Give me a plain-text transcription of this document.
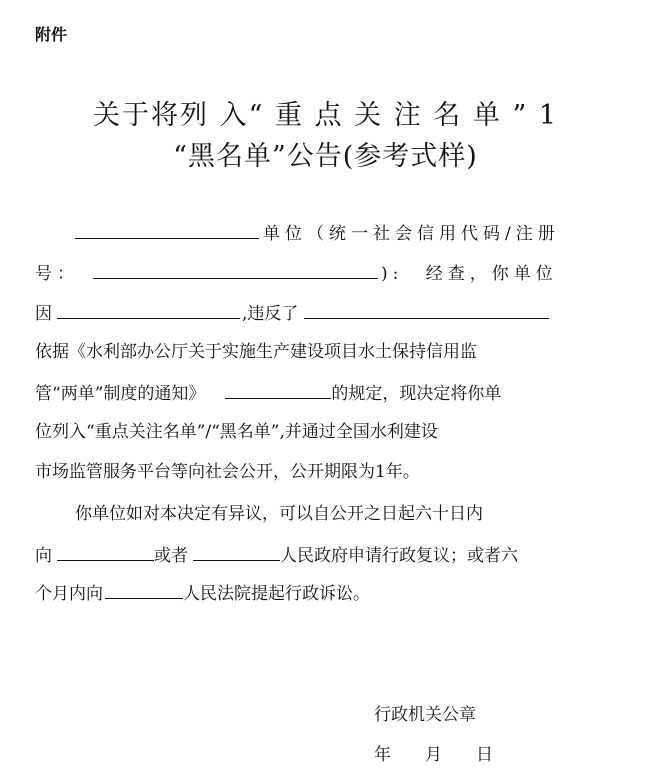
附件
关于将列 入“ 重 点 关 注 名 单 ” 1
“黑名单”公告(参考式样)
单位（统一社会信用代码/注册
号：	): 经查，你单位
因	,违反了
依据《水利部办公厅关于实施生产建设项目水土保持信用监
管“两单”制度的通知》	的规定，现决定将你单
位列入“重点关注名单”/“黑名单”,并通过全国水利建设
市场监管服务平台等向社会公开，公开期限为1年。
你单位如对本决定有异议，可以自公开之日起六十日内
向	或者	人民政府申请行政复议；或者六
个月内向	人民法院提起行政诉讼。
行政机关公章
年 月 日
